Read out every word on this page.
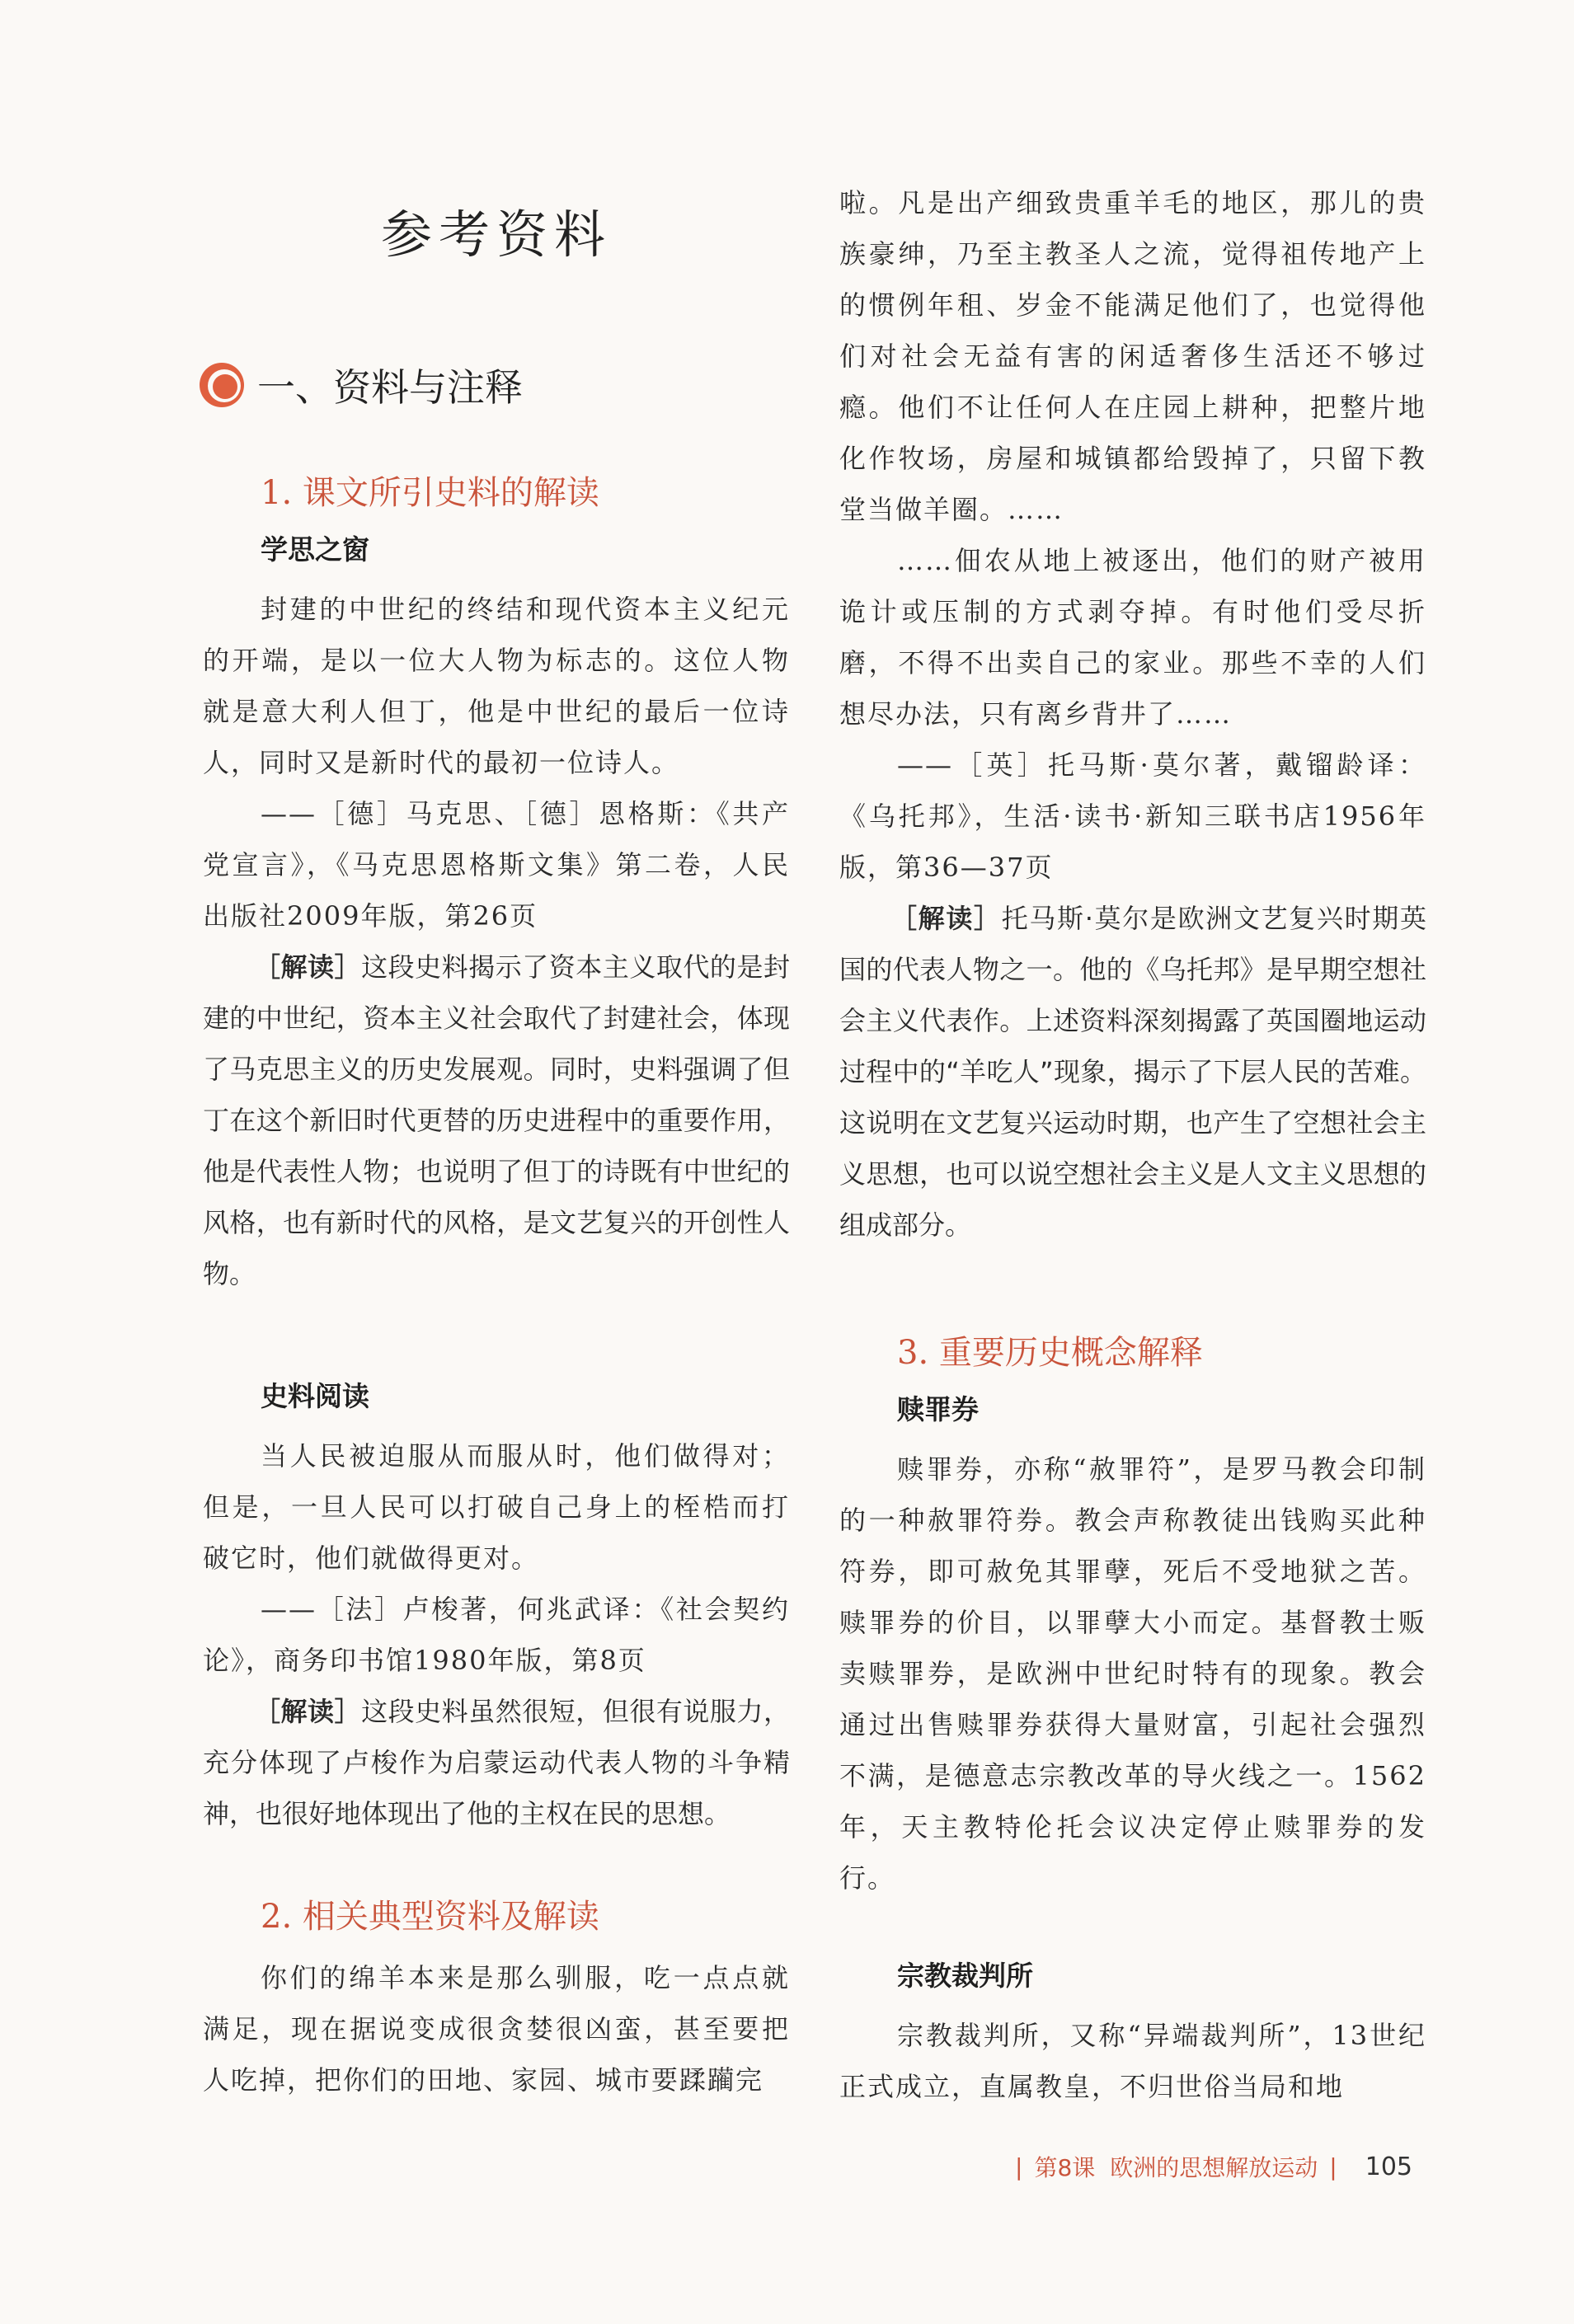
参考资料
一、资料与注释
1. 课文所引史料的解读
学思之窗

封建的中世纪的终结和现代资本主义纪元的开端，是以一位大人物为标志的。这位人物就是意大利人但丁，他是中世纪的最后一位诗人，同时又是新时代的最初一位诗人。

——［德］马克思、［德］恩格斯：《共产党宣言》，《马克思恩格斯文集》第二卷，人民出版社2009年版，第26页

［解读］这段史料揭示了资本主义取代的是封建的中世纪，资本主义社会取代了封建社会，体现了马克思主义的历史发展观。同时，史料强调了但丁在这个新旧时代更替的历史进程中的重要作用，他是代表性人物；也说明了但丁的诗既有中世纪的风格，也有新时代的风格，是文艺复兴的开创性人物。
史料阅读

当人民被迫服从而服从时，他们做得对；但是，一旦人民可以打破自己身上的桎梏而打破它时，他们就做得更对。

——［法］卢梭著，何兆武译：《社会契约论》，商务印书馆1980年版，第8页

［解读］这段史料虽然很短，但很有说服力，充分体现了卢梭作为启蒙运动代表人物的斗争精神，也很好地体现出了他的主权在民的思想。
2. 相关典型资料及解读

你们的绵羊本来是那么驯服，吃一点点就满足，现在据说变成很贪婪很凶蛮，甚至要把人吃掉，把你们的田地、家园、城市要蹂躏完

啦。凡是出产细致贵重羊毛的地区，那儿的贵族豪绅，乃至主教圣人之流，觉得祖传地产上的惯例年租、岁金不能满足他们了，也觉得他们对社会无益有害的闲适奢侈生活还不够过瘾。他们不让任何人在庄园上耕种，把整片地化作牧场，房屋和城镇都给毁掉了，只留下教堂当做羊圈。……

……佃农从地上被逐出，他们的财产被用诡计或压制的方式剥夺掉。有时他们受尽折磨，不得不出卖自己的家业。那些不幸的人们想尽办法，只有离乡背井了……

——［英］托马斯·莫尔著，戴镏龄译：《乌托邦》，生活·读书·新知三联书店1956年版，第36—37页

［解读］托马斯·莫尔是欧洲文艺复兴时期英国的代表人物之一。他的《乌托邦》是早期空想社会主义代表作。上述资料深刻揭露了英国圈地运动过程中的“羊吃人”现象，揭示了下层人民的苦难。这说明在文艺复兴运动时期，也产生了空想社会主义思想，也可以说空想社会主义是人文主义思想的组成部分。
3. 重要历史概念解释
赎罪券

赎罪券，亦称“赦罪符”，是罗马教会印制的一种赦罪符券。教会声称教徒出钱购买此种符券，即可赦免其罪孽，死后不受地狱之苦。赎罪券的价目，以罪孽大小而定。基督教士贩卖赎罪券，是欧洲中世纪时特有的现象。教会通过出售赎罪券获得大量财富，引起社会强烈不满，是德意志宗教改革的导火线之一。1562年，天主教特伦托会议决定停止赎罪券的发行。

宗教裁判所

宗教裁判所，又称“异端裁判所”，13世纪正式成立，直属教皇，不归世俗当局和地

| 第8课 欧洲的思想解放运动 | 105
